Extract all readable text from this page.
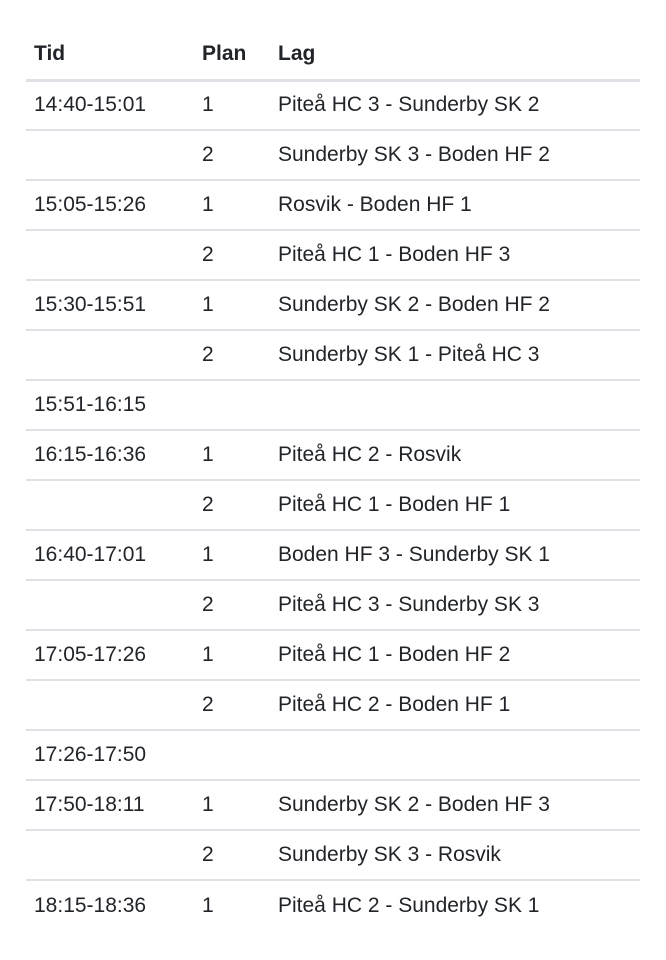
Tid	Plan	Lag
14:40-15:01	1	Piteå HC 3 - Sunderby SK 2
	2	Sunderby SK 3 - Boden HF 2
15:05-15:26	1	Rosvik - Boden HF 1
	2	Piteå HC 1 - Boden HF 3
15:30-15:51	1	Sunderby SK 2 - Boden HF 2
	2	Sunderby SK 1 - Piteå HC 3
15:51-16:15		
16:15-16:36	1	Piteå HC 2 - Rosvik
	2	Piteå HC 1 - Boden HF 1
16:40-17:01	1	Boden HF 3 - Sunderby SK 1
	2	Piteå HC 3 - Sunderby SK 3
17:05-17:26	1	Piteå HC 1 - Boden HF 2
	2	Piteå HC 2 - Boden HF 1
17:26-17:50		
17:50-18:11	1	Sunderby SK 2 - Boden HF 3
	2	Sunderby SK 3 - Rosvik
18:15-18:36	1	Piteå HC 2 - Sunderby SK 1
